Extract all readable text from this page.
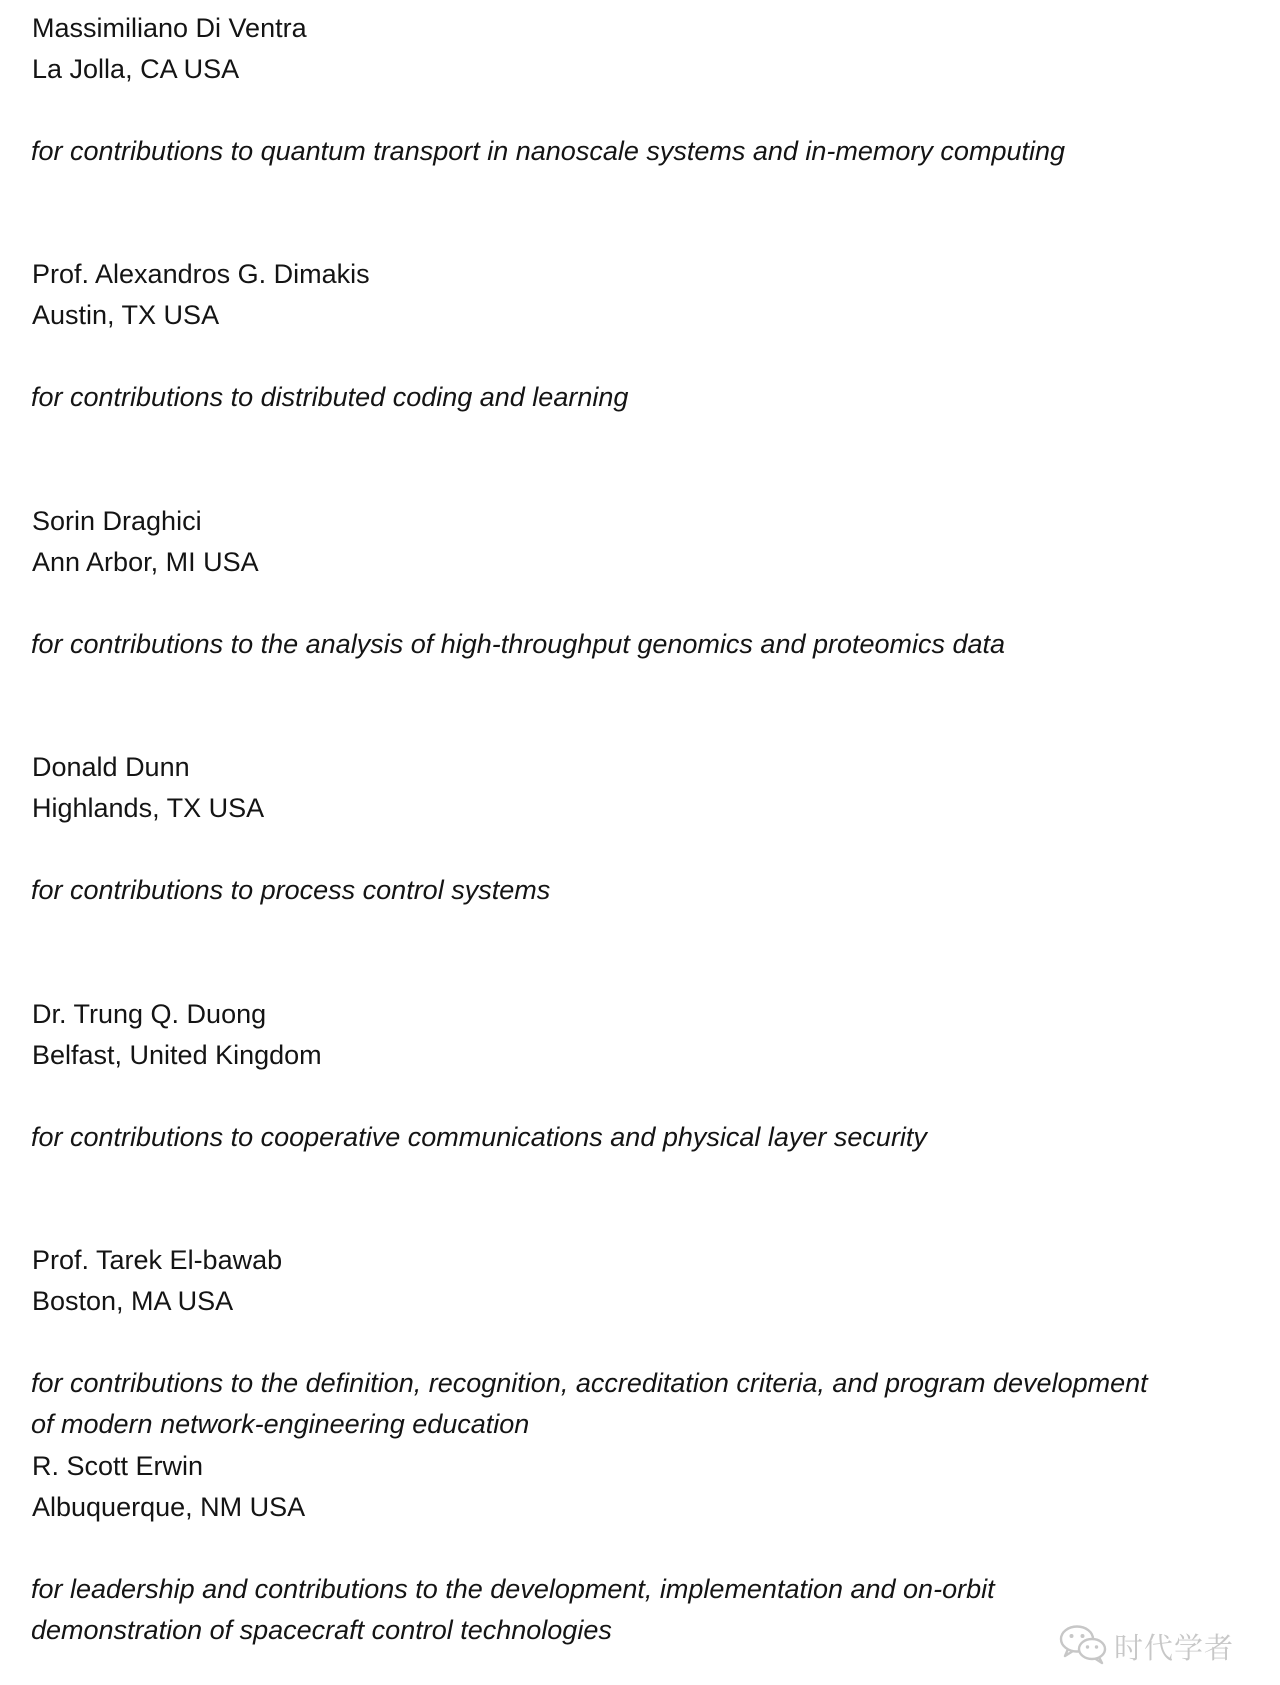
Massimiliano Di Ventra
La Jolla, CA USA
for contributions to quantum transport in nanoscale systems and in-memory computing
Prof. Alexandros G. Dimakis
Austin, TX USA
for contributions to distributed coding and learning
Sorin Draghici
Ann Arbor, MI USA
for contributions to the analysis of high-throughput genomics and proteomics data
Donald Dunn
Highlands, TX USA
for contributions to process control systems
Dr. Trung Q. Duong
Belfast, United Kingdom
for contributions to cooperative communications and physical layer security
Prof. Tarek El-bawab
Boston, MA USA
for contributions to the definition, recognition, accreditation criteria, and program development
of modern network-engineering education
R. Scott Erwin
Albuquerque, NM USA
for leadership and contributions to the development, implementation and on-orbit
demonstration of spacecraft control technologies
时代学者
